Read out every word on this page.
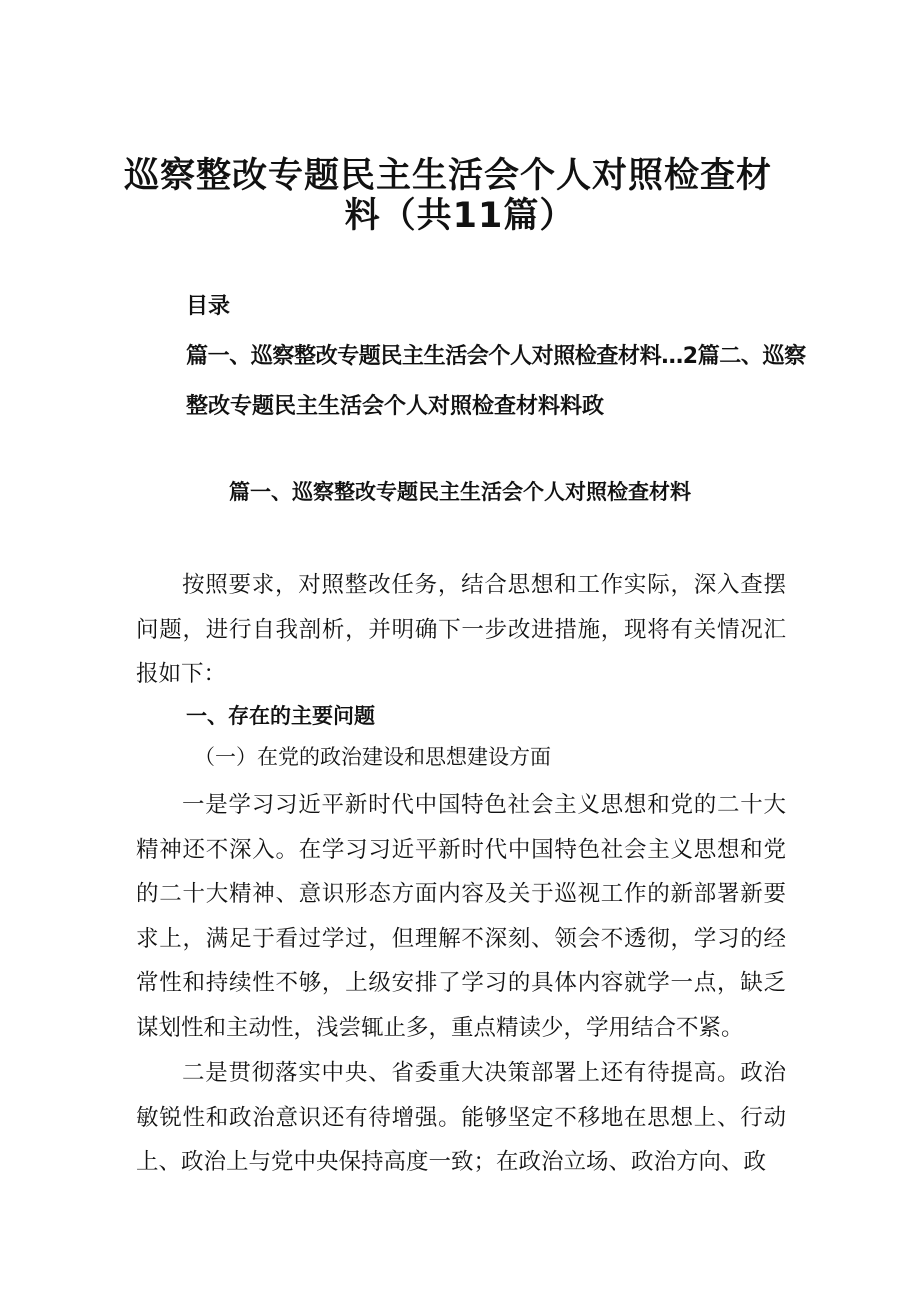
巡察整改专题民主生活会个人对照检查材
料（共11篇）
目录
篇一、巡察整改专题民主生活会个人对照检查材料…2篇二、巡察
整改专题民主生活会个人对照检查材料料政
篇一、巡察整改专题民主生活会个人对照检查材料

按照要求，对照整改任务，结合思想和工作实际，深入查摆问题，进行自我剖析，并明确下一步改进措施，现将有关情况汇报如下：

一、存在的主要问题
（一）在党的政治建设和思想建设方面

一是学习习近平新时代中国特色社会主义思想和党的二十大精神还不深入。在学习习近平新时代中国特色社会主义思想和党的二十大精神、意识形态方面内容及关于巡视工作的新部署新要求上，满足于看过学过，但理解不深刻、领会不透彻，学习的经常性和持续性不够，上级安排了学习的具体内容就学一点，缺乏谋划性和主动性，浅尝辄止多，重点精读少，学用结合不紧。

二是贯彻落实中央、省委重大决策部署上还有待提高。政治敏锐性和政治意识还有待增强。能够坚定不移地在思想上、行动上、政治上与党中央保持高度一致；在政治立场、政治方向、政
